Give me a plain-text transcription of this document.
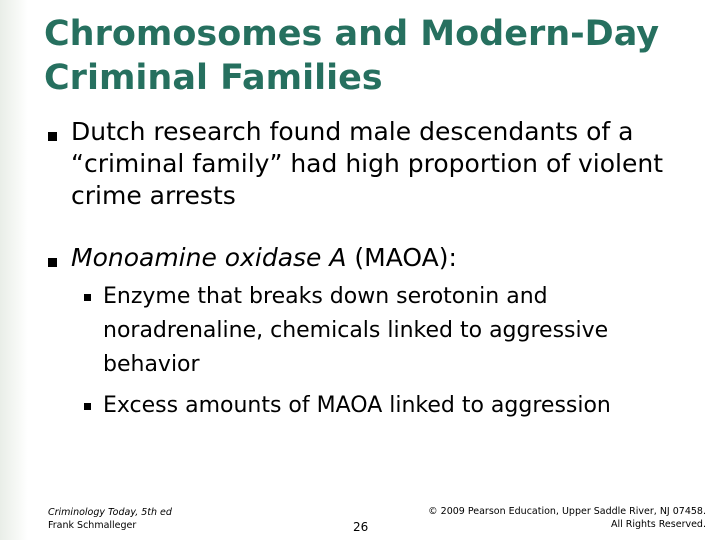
Chromosomes and Modern-Day Criminal Families
Dutch research found male descendants of a “criminal family” had high proportion of violent crime arrests
Monoamine oxidase A (MAOA):
Enzyme that breaks down serotonin and noradrenaline, chemicals linked to aggressive behavior
Excess amounts of MAOA linked to aggression
Criminology Today, 5th ed
Frank Schmalleger	26
© 2009 Pearson Education, Upper Saddle River, NJ 07458.
All Rights Reserved.
